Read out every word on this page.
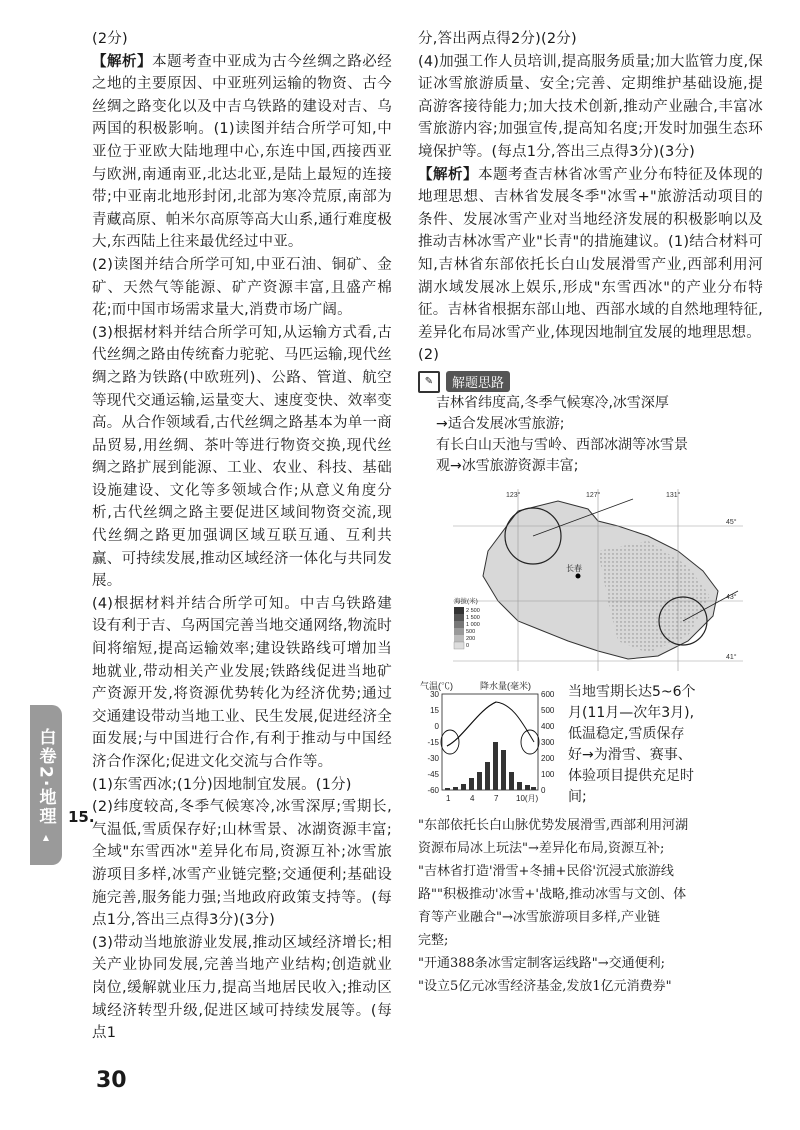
(2分)

【解析】本题考查中亚成为古今丝绸之路必经之地的主要原因、中亚班列运输的物资、古今丝绸之路变化以及中吉乌铁路的建设对吉、乌两国的积极影响。(1)读图并结合所学可知,中亚位于亚欧大陆地理中心,东连中国,西接西亚与欧洲,南通南亚,北达北亚,是陆上最短的连接带;中亚南北地形封闭,北部为寒冷荒原,南部为青藏高原、帕米尔高原等高大山系,通行难度极大,东西陆上往来最优经过中亚。

(2)读图并结合所学可知,中亚石油、铜矿、金矿、天然气等能源、矿产资源丰富,且盛产棉花;而中国市场需求量大,消费市场广阔。

(3)根据材料并结合所学可知,从运输方式看,古代丝绸之路由传统畜力驼驼、马匹运输,现代丝绸之路为铁路(中欧班列)、公路、管道、航空等现代交通运输,运量变大、速度变快、效率变高。从合作领域看,古代丝绸之路基本为单一商品贸易,用丝绸、茶叶等进行物资交换,现代丝绸之路扩展到能源、工业、农业、科技、基础设施建设、文化等多领域合作;从意义角度分析,古代丝绸之路主要促进区域间物资交流,现代丝绸之路更加强调区域互联互通、互利共赢、可持续发展,推动区域经济一体化与共同发展。

(4)根据材料并结合所学可知。中吉乌铁路建设有利于吉、乌两国完善当地交通网络,物流时间将缩短,提高运输效率;建设铁路线可增加当地就业,带动相关产业发展;铁路线促进当地矿产资源开发,将资源优势转化为经济优势;通过交通建设带动当地工业、民生发展,促进经济全面发展;与中国进行合作,有利于推动与中国经济合作深化;促进文化交流与合作等。

(1)东雪西冰;(1分)因地制宜发展。(1分)

(2)纬度较高,冬季气候寒冷,冰雪深厚;雪期长,气温低,雪质保存好;山林雪景、冰湖资源丰富;全域"东雪西冰"差异化布局,资源互补;冰雪旅游项目多样,冰雪产业链完整;交通便利;基础设施完善,服务能力强;当地政府政策支持等。(每点1分,答出三点得3分)(3分)

(3)带动当地旅游业发展,推动区域经济增长;相关产业协同发展,完善当地产业结构;创造就业岗位,缓解就业压力,提高当地居民收入;推动区域经济转型升级,促进区域可持续发展等。(每点1

15.
白卷2·地理
▲
30

分,答出两点得2分)(2分)

(4)加强工作人员培训,提高服务质量;加大监管力度,保证冰雪旅游质量、安全;完善、定期维护基础设施,提高游客接待能力;加大技术创新,推动产业融合,丰富冰雪旅游内容;加强宣传,提高知名度;开发时加强生态环境保护等。(每点1分,答出三点得3分)(3分)

【解析】本题考查吉林省冰雪产业分布特征及体现的地理思想、吉林省发展冬季"冰雪+"旅游活动项目的条件、发展冰雪产业对当地经济发展的积极影响以及推动吉林冰雪产业"长青"的措施建议。(1)结合材料可知,吉林省东部依托长白山发展滑雪产业,西部利用河湖水域发展冰上娱乐,形成"东雪西冰"的产业分布特征。吉林省根据东部山地、西部水域的自然地理特征,差异化布局冰雪产业,体现因地制宜发展的地理思想。

(2)

✎	解题思路
吉林省纬度高,冬季气候寒冷,冰雪深厚
→适合发展冰雪旅游;
有长白山天池与雪岭、西部冰湖等冰雪景
观→冰雪旅游资源丰富;
长春
123°	127°	131°
45°
43°
41°
海拔(米)
2 500
1 500
1 000
500
200
0
气温(℃)	降水量(毫米)
30
15
0
-15
-30
-45
-60
600
500
400
300
200
100
0
1 4 7 10(月)
当地雪期长达5~6个
月(11月—次年3月),
低温稳定,雪质保存
好→为滑雪、赛事、
体验项目提供充足时
间;
"东部依托长白山脉优势发展滑雪,西部利用河湖
资源布局冰上玩法"→差异化布局,资源互补;
"吉林省打造'滑雪+冬捕+民俗'沉浸式旅游线
路""积极推动'冰雪+'战略,推动冰雪与文创、体
育等产业融合"→冰雪旅游项目多样,产业链
完整;
"开通388条冰雪定制客运线路"→交通便利;
"设立5亿元冰雪经济基金,发放1亿元消费券"
